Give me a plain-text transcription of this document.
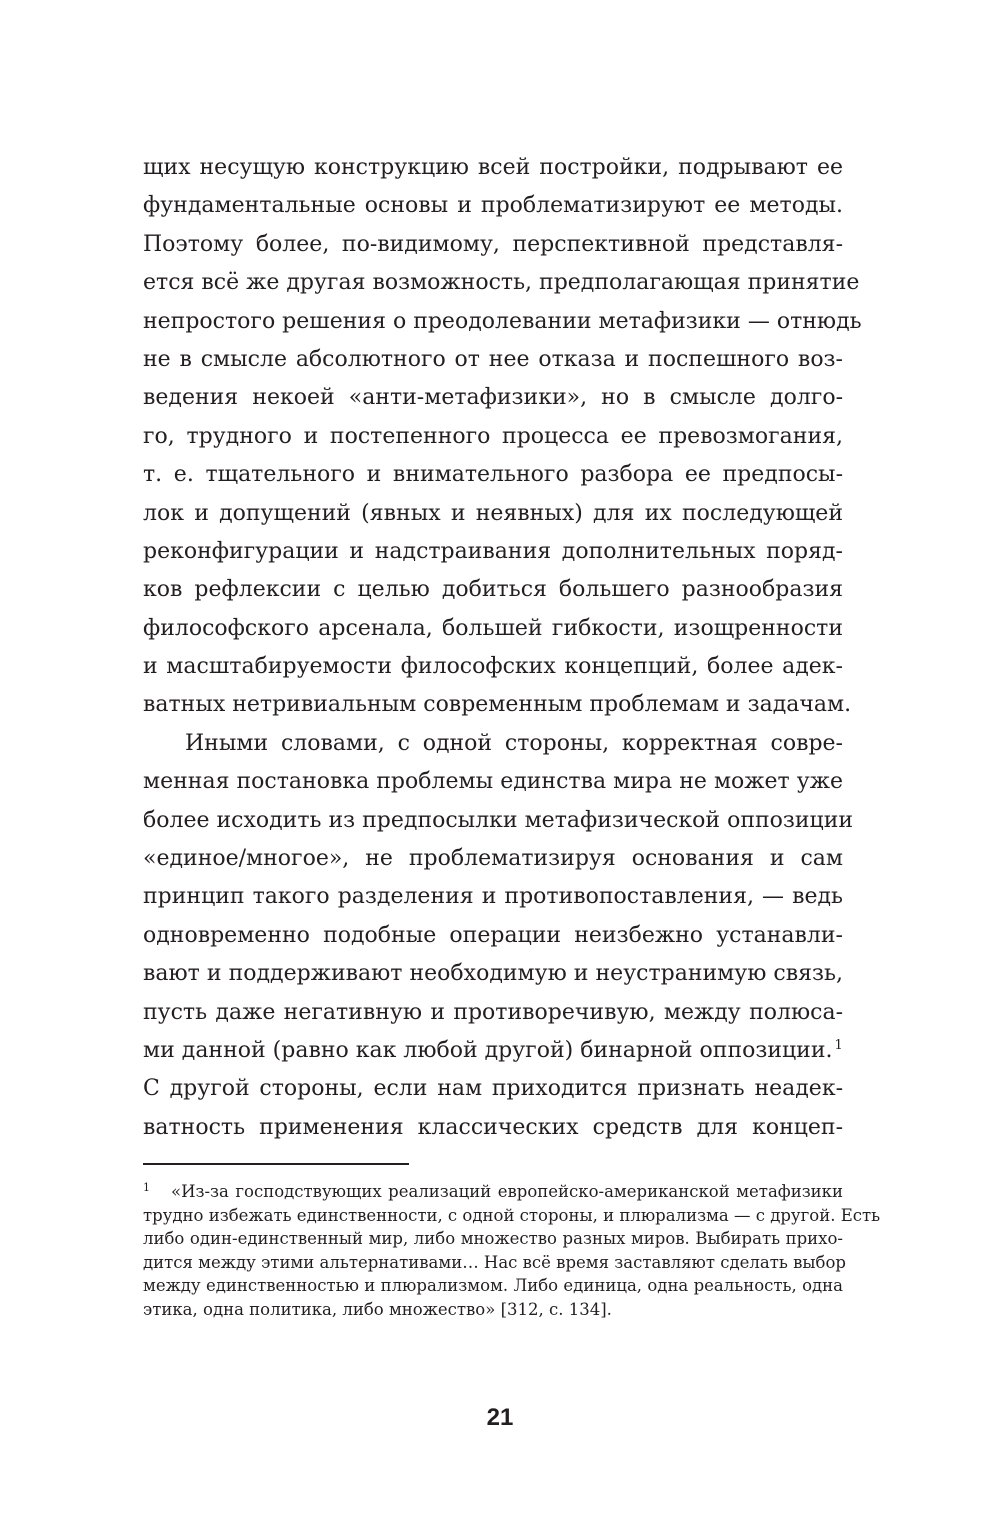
щих несущую конструкцию всей постройки, подрывают ее
фундаментальные основы и проблематизируют ее методы.
Поэтому более, по-видимому, перспективной представля-
ется всё же другая возможность, предполагающая принятие
непростого решения о преодолевании метафизики — отнюдь
не в смысле абсолютного от нее отказа и поспешного воз-
ведения некоей «анти-метафизики», но в смысле долго-
го, трудного и постепенного процесса ее превозмогания,
т. е. тщательного и внимательного разбора ее предпосы-
лок и допущений (явных и неявных) для их последующей
реконфигурации и надстраивания дополнительных поряд-
ков рефлексии с целью добиться большего разнообразия
философского арсенала, большей гибкости, изощренности
и масштабируемости философских концепций, более адек-
ватных нетривиальным современным проблемам и задачам.
Иными словами, с одной стороны, корректная совре-
менная постановка проблемы единства мира не может уже
более исходить из предпосылки метафизической оппозиции
«единое/многое», не проблематизируя основания и сам
принцип такого разделения и противопоставления, — ведь
одновременно подобные операции неизбежно устанавли-
вают и поддерживают необходимую и неустранимую связь,
пусть даже негативную и противоречивую, между полюса-
ми данной (равно как любой другой) бинарной оппозиции. $^1$
С другой стороны, если нам приходится признать неадек-
ватность применения классических средств для концеп-
1 «Из-за господствующих реализаций европейско-американской метафизики
трудно избежать единственности, с одной стороны, и плюрализма — с другой. Есть
либо один-единственный мир, либо множество разных миров. Выбирать прихо-
дится между этими альтернативами… Нас всё время заставляют сделать выбор
между единственностью и плюрализмом. Либо единица, одна реальность, одна
этика, одна политика, либо множество» [312, с. 134].
21
